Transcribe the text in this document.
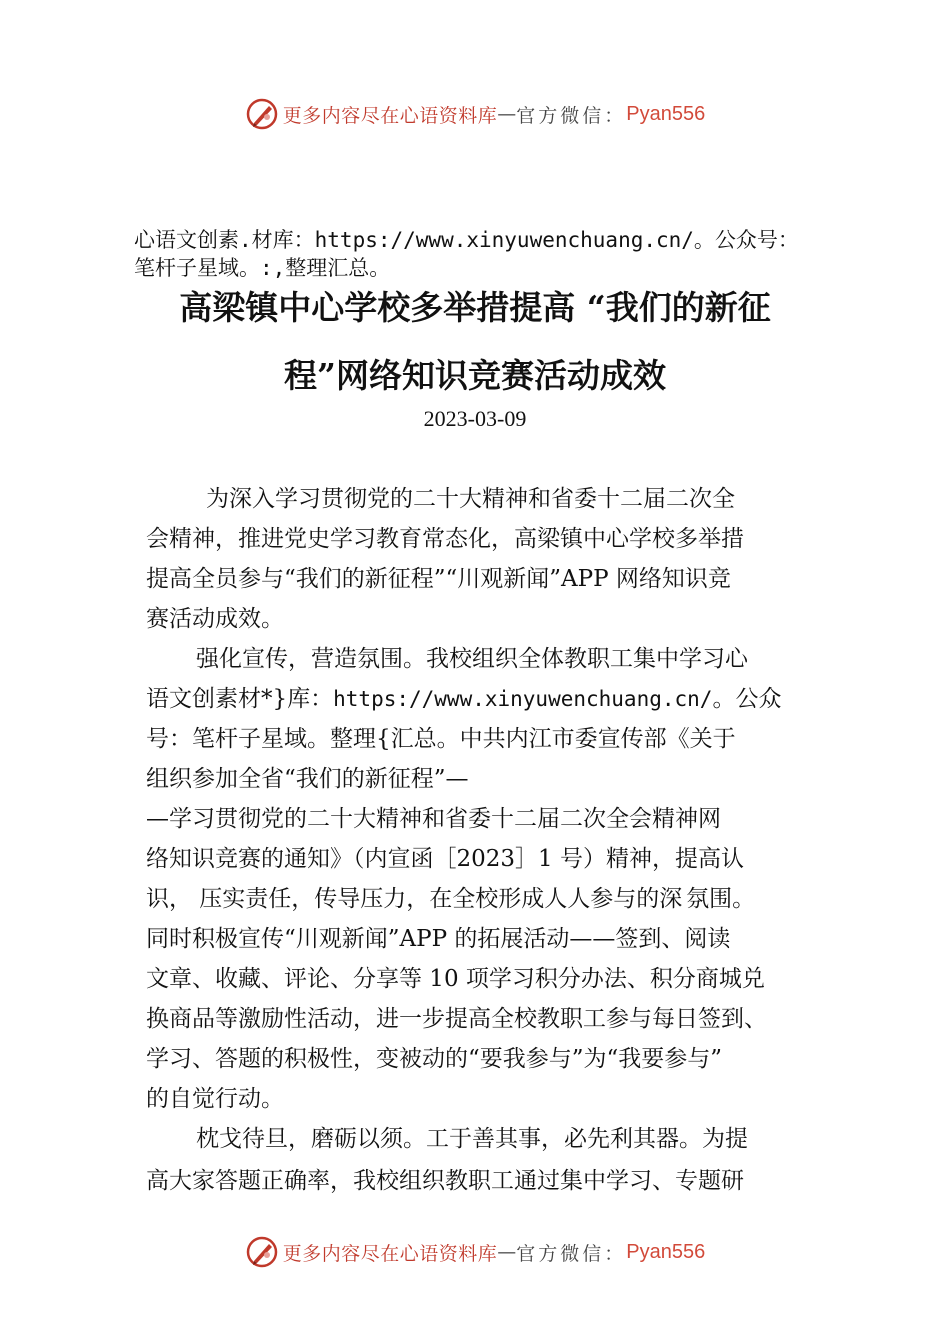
更多内容尽在心语资料库 — 官方微信： Pyan556
心语文创素.材库：https://www.xinyuwenchuang.cn/。公众号：
笔杆子星域。:,整理汇总。
高梁镇中心学校多举措提高 “我们的新征
程”网络知识竞赛活动成效
2023-03-09
为深入学习贯彻党的二十大精神和省委十二届二次全
会精神，推进党史学习教育常态化，高梁镇中心学校多举措
提高全员参与“我们的新征程”“川观新闻”APP 网络知识竞
赛活动成效。
强化宣传，营造氛围。我校组织全体教职工集中学习心
语文创素材*}库：https://www.xinyuwenchuang.cn/。公众
号：笔杆子星域。整理{汇总。中共内江市委宣传部《关于
组织参加全省“我们的新征程”—
—学习贯彻党的二十大精神和省委十二届二次全会精神网
络知识竞赛的通知》（内宣函［2023］1 号）精神，提高认
识， 压实责任，传导压力，在全校形成人人参与的深 氛围。
同时积极宣传“川观新闻”APP 的拓展活动——签到、阅读
文章、收藏、评论、分享等 10 项学习积分办法、积分商城兑
换商品等激励性活动，进一步提高全校教职工参与每日签到、
学习、答题的积极性，变被动的“要我参与”为“我要参与”
的自觉行动。
枕戈待旦，磨砺以须。工于善其事，必先利其器。为提
高大家答题正确率，我校组织教职工通过集中学习、专题研
更多内容尽在心语资料库 — 官方微信： Pyan556
